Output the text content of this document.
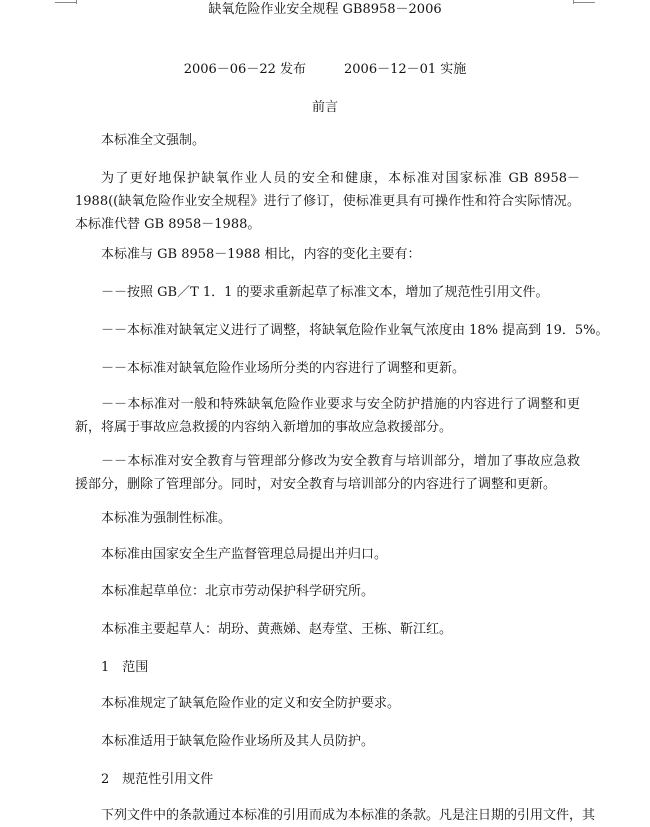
缺氧危险作业安全规程 GB8958－2006
2006－06－22 发布	2006－12－01 实施
前言

本标准全文强制。

为了更好地保护缺氧作业人员的安全和健康，本标准对国家标准 GB 8958－1988((缺氧危险作业安全规程》进行了修订，使标准更具有可操作性和符合实际情况。本标准代替 GB 8958－1988。

本标准与 GB 8958－1988 相比，内容的变化主要有：

－－按照 GB／T 1．1 的要求重新起草了标准文本，增加了规范性引用文件。

－－本标准对缺氧定义进行了调整，将缺氧危险作业氧气浓度由 18% 提高到 19．5%。

－－本标准对缺氧危险作业场所分类的内容进行了调整和更新。

－－本标准对一般和特殊缺氧危险作业要求与安全防护措施的内容进行了调整和更新，将属于事故应急救援的内容纳入新增加的事故应急救援部分。

－－本标准对安全教育与管理部分修改为安全教育与培训部分，增加了事故应急救援部分，删除了管理部分。同时，对安全教育与培训部分的内容进行了调整和更新。

本标准为强制性标准。

本标准由国家安全生产监督管理总局提出并归口。

本标准起草单位：北京市劳动保护科学研究所。

本标准主要起草人：胡玢、黄燕娣、赵寿堂、王栋、靳江红。

1　范围

本标准规定了缺氧危险作业的定义和安全防护要求。

本标准适用于缺氧危险作业场所及其人员防护。

2　规范性引用文件

下列文件中的条款通过本标准的引用而成为本标准的条款。凡是注日期的引用文件，其
